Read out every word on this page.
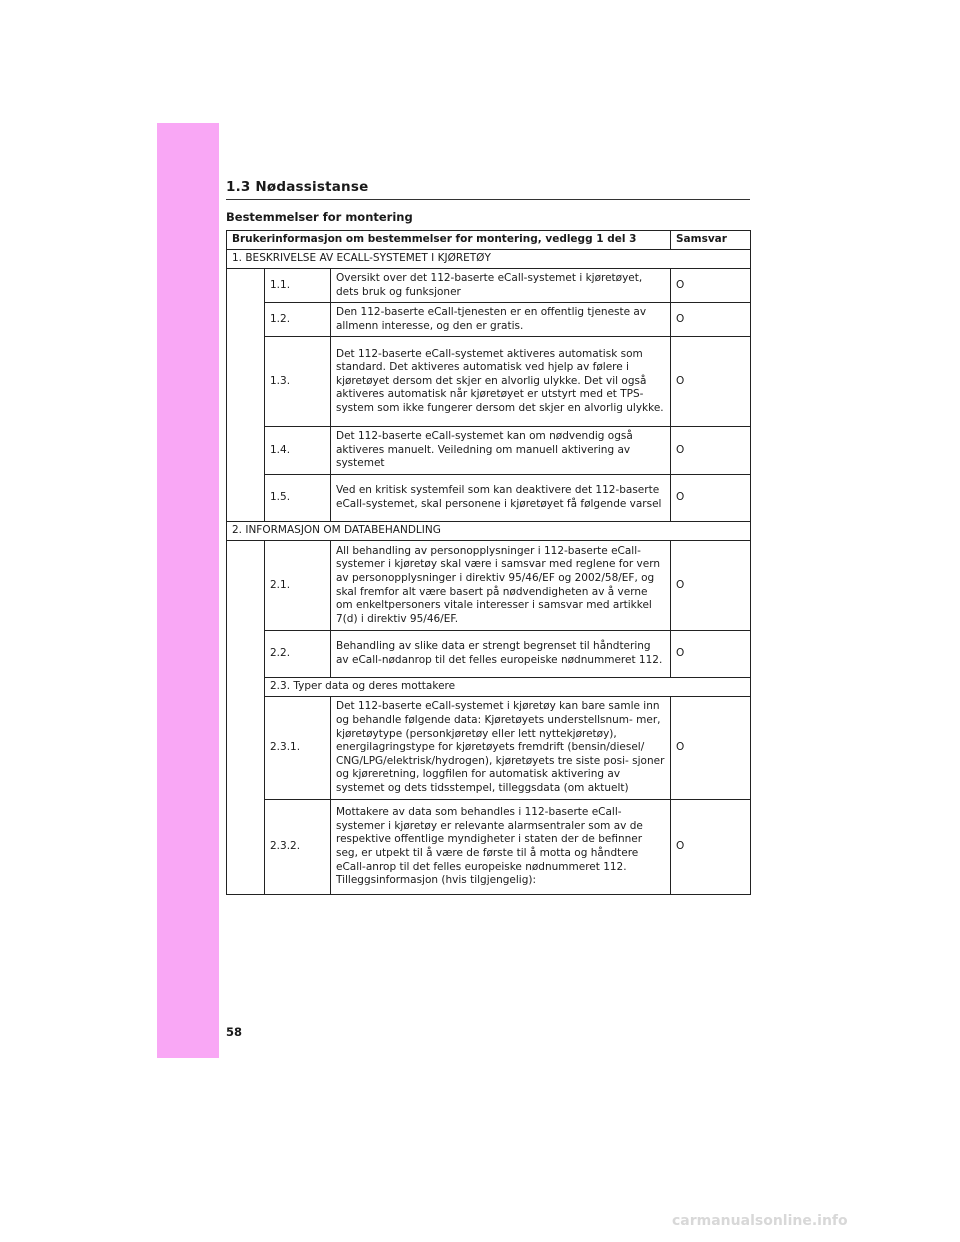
1.3 Nødassistanse
Bestemmelser for montering
Brukerinformasjon om bestemmelser for montering, vedlegg 1 del 3			Samsvar
1. BESKRIVELSE AV ECALL-SYSTEMET I KJØRETØY			
	1.1.	Oversikt over det 112-baserte eCall-systemet i kjøretøyet, dets bruk og funksjoner	O
	1.2.	Den 112-baserte eCall-tjenesten er en offentlig tjeneste av allmenn interesse, og den er gratis.	O
	1.3.	Det 112-baserte eCall-systemet aktiveres automatisk som standard. Det aktiveres automatisk ved hjelp av følere i kjøretøyet dersom det skjer en alvorlig ulykke. Det vil også aktiveres automatisk når kjøretøyet er utstyrt med et TPS-system som ikke fungerer dersom det skjer en alvorlig ulykke.	O
	1.4.	Det 112-baserte eCall-systemet kan om nødvendig også aktiveres manuelt. Veiledning om manuell aktivering av systemet	O
	1.5.	Ved en kritisk systemfeil som kan deaktivere det 112-baserte eCall-systemet, skal personene i kjøretøyet få følgende varsel	O
2. INFORMASJON OM DATABEHANDLING			
	2.1.	All behandling av personopplysninger i 112-baserte eCall-systemer i kjøretøy skal være i samsvar med reglene for vern av personopplysninger i direktiv 95/46/EF og 2002/58/EF, og skal fremfor alt være basert på nødvendigheten av å verne om enkeltpersoners vitale interesser i samsvar med artikkel 7(d) i direktiv 95/46/EF.	O
	2.2.	Behandling av slike data er strengt begrenset til håndtering av eCall-nødanrop til det felles europeiske nødnummeret 112.	O
	2.3. Typer data og deres mottakere		
	2.3.1.	Det 112-baserte eCall-systemet i kjøretøy kan bare samle inn og behandle følgende data: Kjøretøyets understellsnum- mer, kjøretøytype (personkjøretøy eller lett nyttekjøretøy), energilagringstype for kjøretøyets fremdrift (bensin/diesel/ CNG/LPG/elektrisk/hydrogen), kjøretøyets tre siste posi- sjoner og kjøreretning, loggfilen for automatisk aktivering av systemet og dets tidsstempel, tilleggsdata (om aktuelt)	O
	2.3.2.	Mottakere av data som behandles i 112-baserte eCall-systemer i kjøretøy er relevante alarmsentraler som av de respektive offentlige myndigheter i staten der de befinner seg, er utpekt til å være de første til å motta og håndtere eCall-anrop til det felles europeiske nødnummeret 112. Tilleggsinformasjon (hvis tilgjengelig):	O
58
carmanualsonline.info
